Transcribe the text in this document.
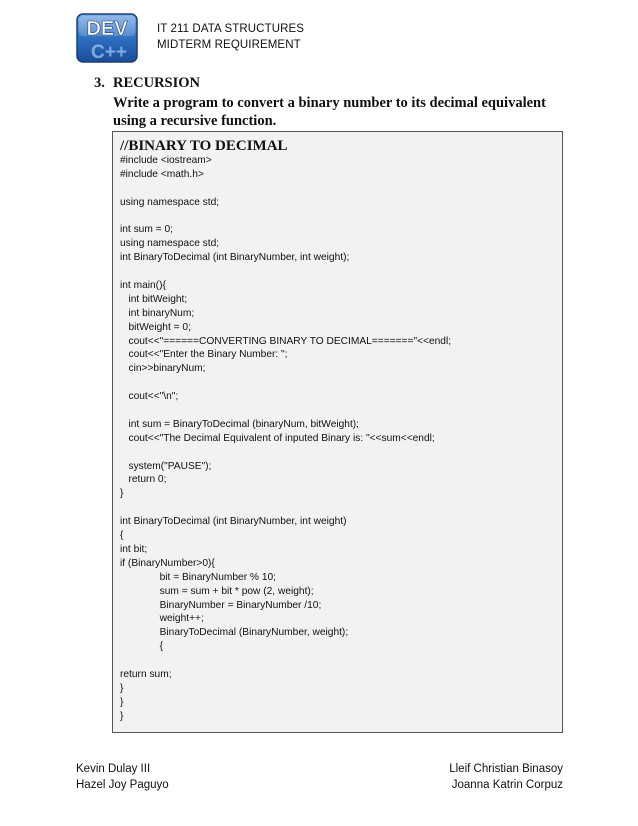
DEV
C++
IT 211 DATA STRUCTURES
MIDTERM REQUIREMENT
3. RECURSION
Write a program to convert a binary number to its decimal equivalent using a recursive function.
//BINARY TO DECIMAL
#include <iostream>
#include <math.h>
using namespace std;
int sum = 0;
using namespace std;
int BinaryToDecimal (int BinaryNumber, int weight);
int main(){
int bitWeight;
int binaryNum;
bitWeight = 0;
cout<<"======CONVERTING BINARY TO DECIMAL======="<<endl;
cout<<"Enter the Binary Number: ";
cin>>binaryNum;
cout<<"\n";
int sum = BinaryToDecimal (binaryNum, bitWeight);
cout<<"The Decimal Equivalent of inputed Binary is: "<<sum<<endl;
system("PAUSE");
return 0;
}
int BinaryToDecimal (int BinaryNumber, int weight)
{
int bit;
if (BinaryNumber>0){
bit = BinaryNumber % 10;
sum = sum + bit * pow (2, weight);
BinaryNumber = BinaryNumber /10;
weight++;
BinaryToDecimal (BinaryNumber, weight);
{
return sum;
}
}
}
Kevin Dulay III
Hazel Joy Paguyo
Lleif Christian Binasoy
Joanna Katrin Corpuz
